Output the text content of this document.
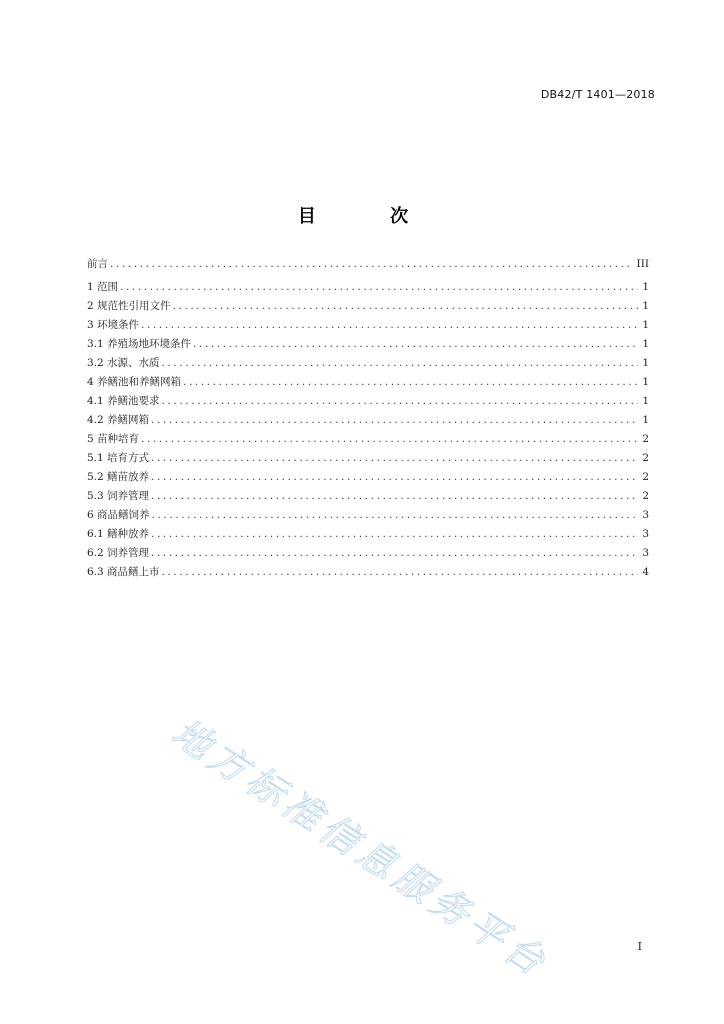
DB42/T 1401—2018
目 次
前言 .....	III
1 范围 .....	1
2 规范性引用文件 .....	1
3 环境条件 .....	1
3.1 养殖场地环境条件 .....	1
3.2 水源、水质 .....	1
4 养鳝池和养鳝网箱 .....	1
4.1 养鳝池要求 .....	1
4.2 养鳝网箱 .....	1
5 苗种培育 .....	2
5.1 培育方式 .....	2
5.2 鳝苗放养 .....	2
5.3 饲养管理 .....	2
6 商品鳝饲养 .....	3
6.1 鳝种放养 .....	3
6.2 饲养管理 .....	3
6.3 商品鳝上市 .....	4
地方标准信息服务平台	I
